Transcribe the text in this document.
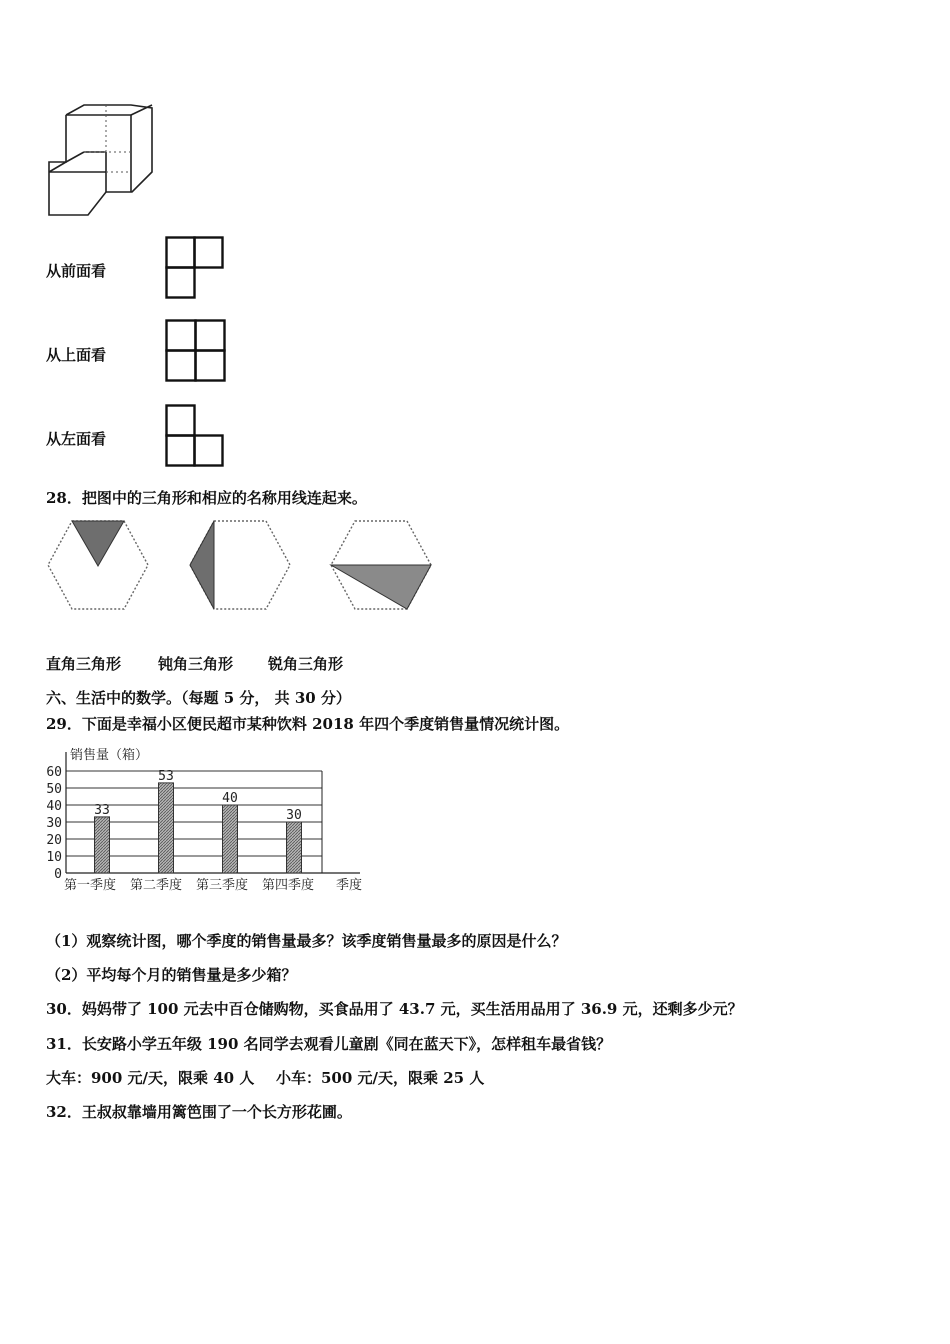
从前面看
从上面看
从左面看
28．把图中的三角形和相应的名称用线连起来。
直角三角形 钝角三角形 锐角三角形
六、生活中的数学。（每题 5 分， 共 30 分）
29．下面是幸福小区便民超市某种饮料 2018 年四个季度销售量情况统计图。
销售量（箱）
33
53
40
30
0
10
20
30
40
50
60
第一季度 第二季度 第三季度 第四季度 季度
（1）观察统计图，哪个季度的销售量最多？该季度销售量最多的原因是什么？
（2）平均每个月的销售量是多少箱？
30．妈妈带了 100 元去中百仓储购物，买食品用了 43.7 元，买生活用品用了 36.9 元，还剩多少元？
31．长安路小学五年级 190 名同学去观看儿童剧《同在蓝天下》，怎样租车最省钱？
大车：900 元/天，限乘 40 人 小车：500 元/天，限乘 25 人
32．王叔叔靠墙用篱笆围了一个长方形花圃。
